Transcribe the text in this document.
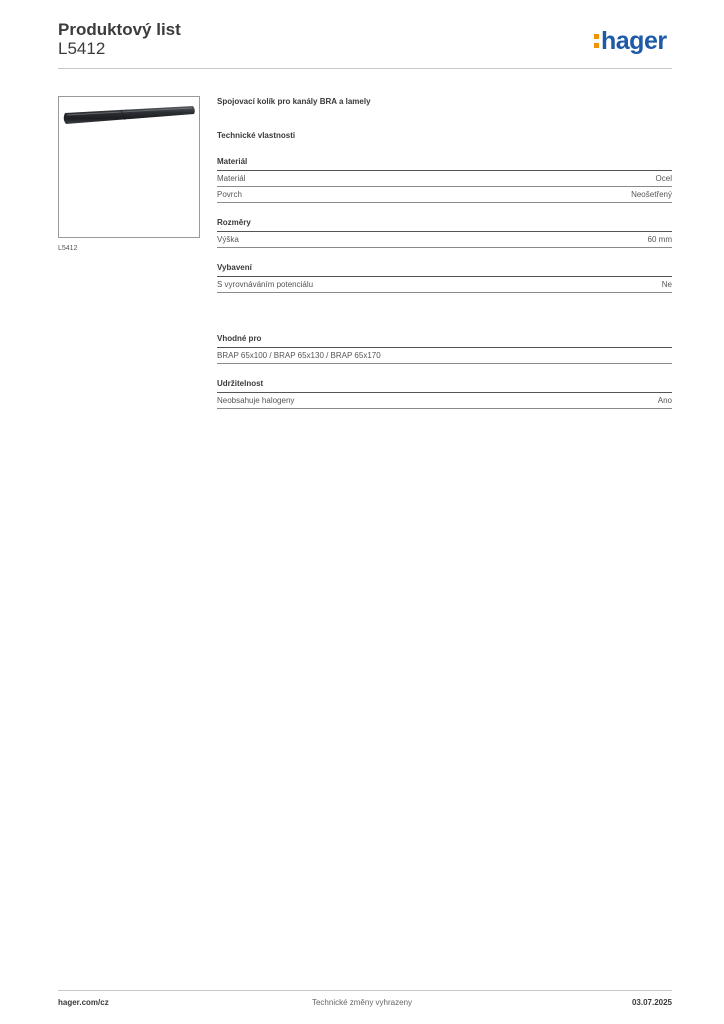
Produktový list
L5412	hager
L5412

Spojovací kolík pro kanály BRA a lamely

Technické vlastnosti

Materiál
Materiál	Ocel
Povrch	Neošetřený
Rozměry
Výška	60 mm
Vybavení
S vyrovnáváním potenciálu	Ne
Vhodné pro
BRAP 65x100 / BRAP 65x130 / BRAP 65x170
Udržitelnost
Neobsahuje halogeny	Ano
hager.com/cz	Technické změny vyhrazeny	03.07.2025
